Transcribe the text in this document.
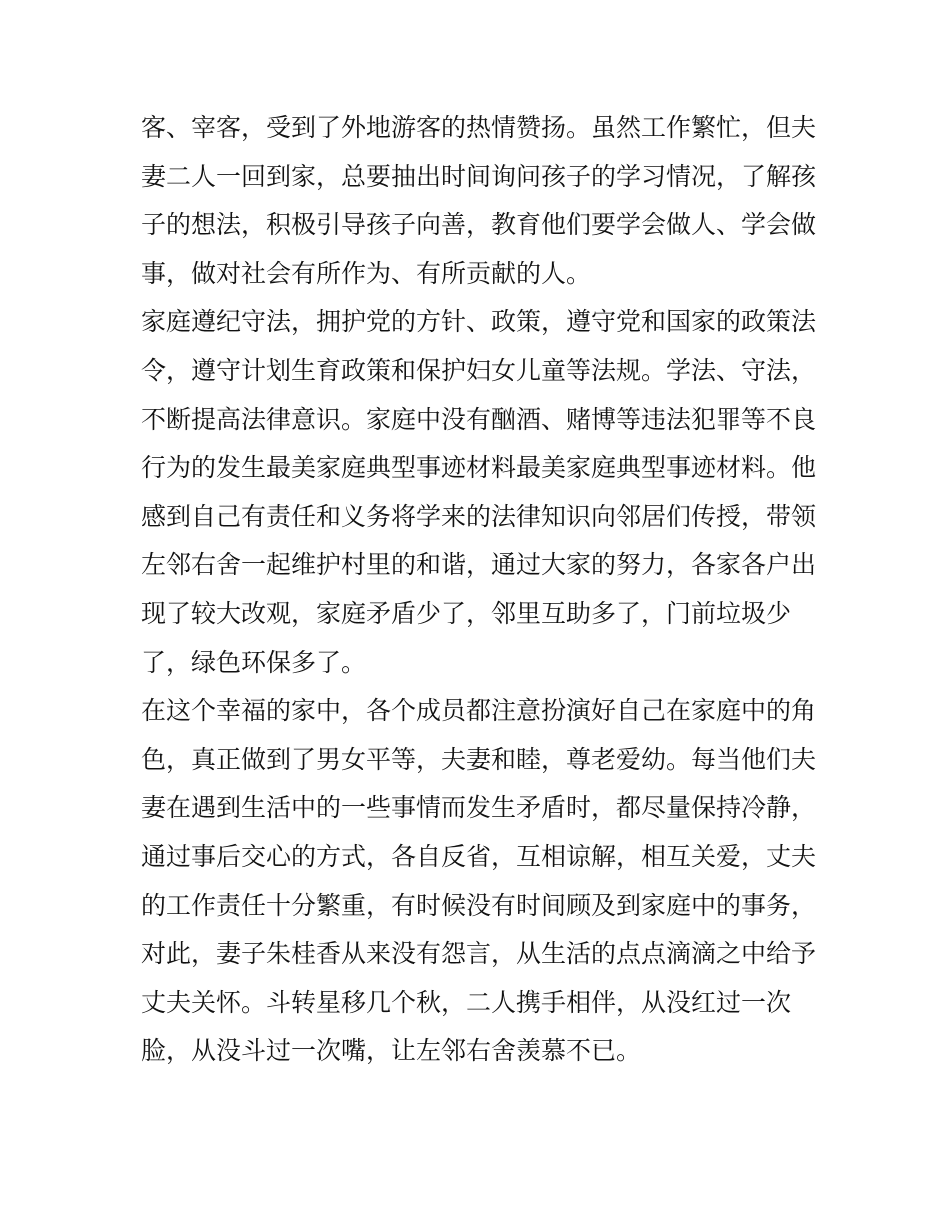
客、宰客，受到了外地游客的热情赞扬。虽然工作繁忙，但夫
妻二人一回到家，总要抽出时间询问孩子的学习情况，了解孩
子的想法，积极引导孩子向善，教育他们要学会做人、学会做
事，做对社会有所作为、有所贡献的人。
家庭遵纪守法，拥护党的方针、政策，遵守党和国家的政策法
令，遵守计划生育政策和保护妇女儿童等法规。学法、守法，
不断提高法律意识。家庭中没有酗酒、赌博等违法犯罪等不良
行为的发生最美家庭典型事迹材料最美家庭典型事迹材料。他
感到自己有责任和义务将学来的法律知识向邻居们传授，带领
左邻右舍一起维护村里的和谐，通过大家的努力，各家各户出
现了较大改观，家庭矛盾少了，邻里互助多了，门前垃圾少
了，绿色环保多了。
在这个幸福的家中，各个成员都注意扮演好自己在家庭中的角
色，真正做到了男女平等，夫妻和睦，尊老爱幼。每当他们夫
妻在遇到生活中的一些事情而发生矛盾时，都尽量保持冷静，
通过事后交心的方式，各自反省，互相谅解，相互关爱，丈夫
的工作责任十分繁重，有时候没有时间顾及到家庭中的事务，
对此，妻子朱桂香从来没有怨言，从生活的点点滴滴之中给予
丈夫关怀。斗转星移几个秋，二人携手相伴，从没红过一次
脸，从没斗过一次嘴，让左邻右舍羡慕不已。
